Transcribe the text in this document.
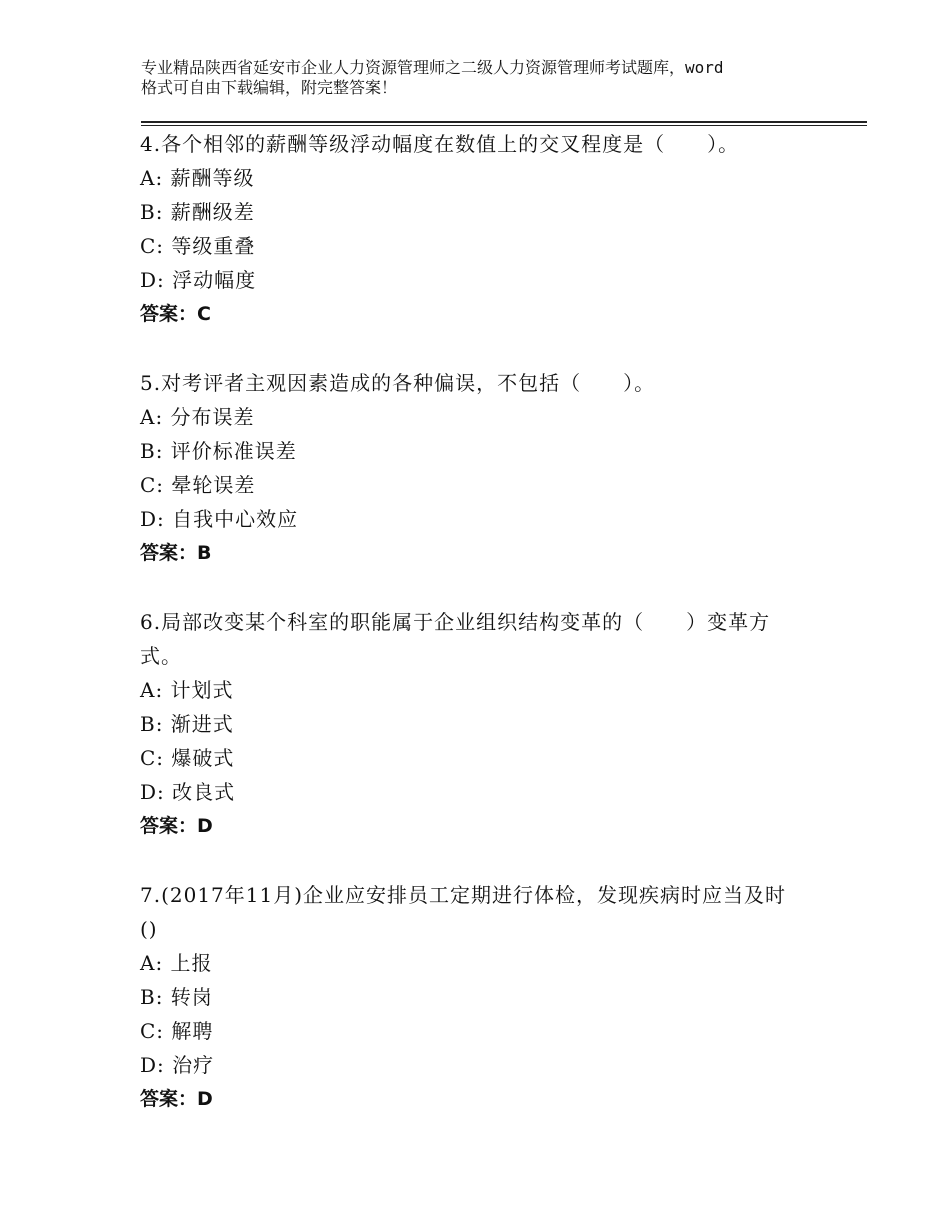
专业精品陕西省延安市企业人力资源管理师之二级人力资源管理师考试题库，word
格式可自由下载编辑，附完整答案！
4.各个相邻的薪酬等级浮动幅度在数值上的交叉程度是（　　）。
A: 薪酬等级
B: 薪酬级差
C: 等级重叠
D: 浮动幅度
答案：C
5.对考评者主观因素造成的各种偏误，不包括（　　）。
A: 分布误差
B: 评价标准误差
C: 晕轮误差
D: 自我中心效应
答案：B
6.局部改变某个科室的职能属于企业组织结构变革的（　　）变革方
式。
A: 计划式
B: 渐进式
C: 爆破式
D: 改良式
答案：D
7.(2017年11月)企业应安排员工定期进行体检，发现疾病时应当及时
()
A: 上报
B: 转岗
C: 解聘
D: 治疗
答案：D
